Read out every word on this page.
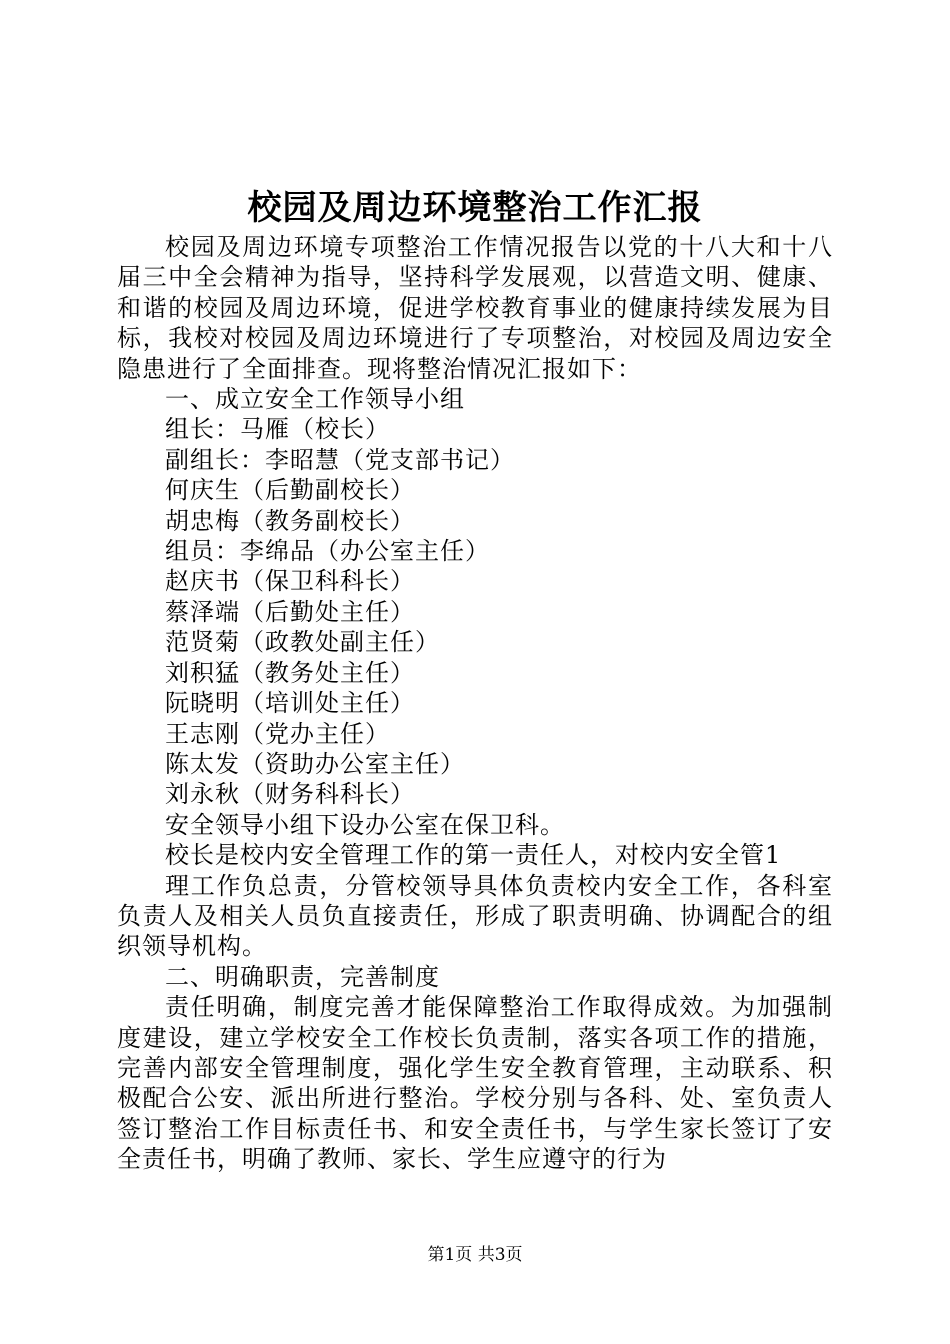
校园及周边环境整治工作汇报

校园及周边环境专项整治工作情况报告以党的十八大和十八届三中全会精神为指导，坚持科学发展观，以营造文明、健康、和谐的校园及周边环境，促进学校教育事业的健康持续发展为目标，我校对校园及周边环境进行了专项整治，对校园及周边安全隐患进行了全面排查。现将整治情况汇报如下：

一、成立安全工作领导小组

组长：马雁（校长）

副组长：李昭慧（党支部书记）

何庆生（后勤副校长）

胡忠梅（教务副校长）

组员：李绵品（办公室主任）

赵庆书（保卫科科长）

蔡泽端（后勤处主任）

范贤菊（政教处副主任）

刘积猛（教务处主任）

阮晓明（培训处主任）

王志刚（党办主任）

陈太发（资助办公室主任）

刘永秋（财务科科长）

安全领导小组下设办公室在保卫科。

校长是校内安全管理工作的第一责任人，对校内安全管1

理工作负总责，分管校领导具体负责校内安全工作，各科室负责人及相关人员负直接责任，形成了职责明确、协调配合的组织领导机构。

二、明确职责，完善制度

责任明确，制度完善才能保障整治工作取得成效。为加强制度建设，建立学校安全工作校长负责制，落实各项工作的措施，完善内部安全管理制度，强化学生安全教育管理，主动联系、积极配合公安、派出所进行整治。学校分别与各科、处、室负责人签订整治工作目标责任书、和安全责任书，与学生家长签订了安全责任书，明确了教师、家长、学生应遵守的行为

第1页 共3页
